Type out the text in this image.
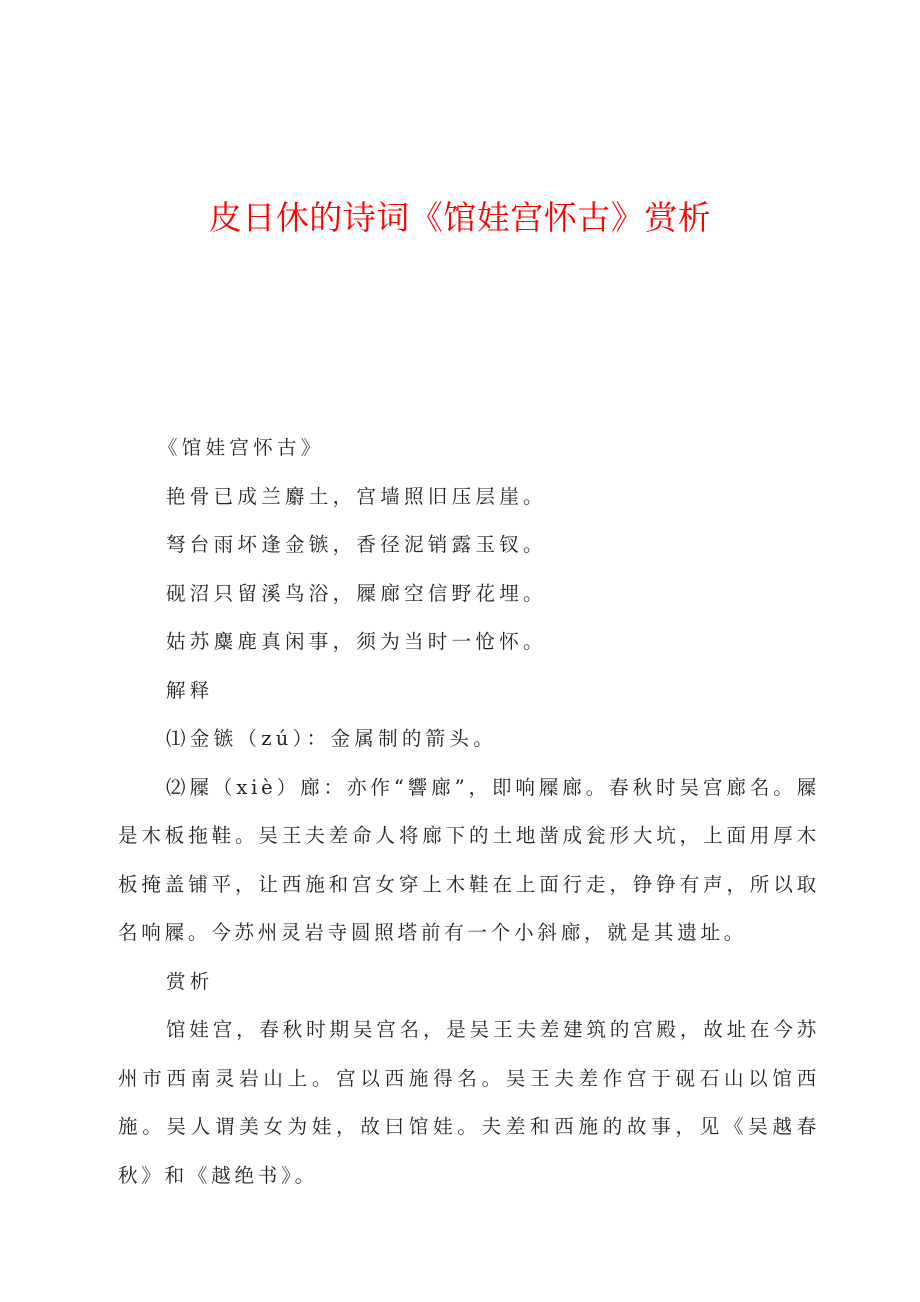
皮日休的诗词《馆娃宫怀古》赏析

《馆娃宫怀古》

艳骨已成兰麝土，宫墙照旧压层崖。

弩台雨坏逢金镞，香径泥销露玉钗。

砚沼只留溪鸟浴，屧廊空信野花埋。

姑苏麋鹿真闲事，须为当时一怆怀。

解释

⑴金镞（zú）：金属制的箭头。

⑵屧（xiè）廊：亦作“響廊”，即响屧廊。春秋时吴宫廊名。屧是木板拖鞋。吴王夫差命人将廊下的土地凿成瓮形大坑，上面用厚木板掩盖铺平，让西施和宫女穿上木鞋在上面行走，铮铮有声，所以取名响屧。今苏州灵岩寺圆照塔前有一个小斜廊，就是其遗址。

赏析

馆娃宫，春秋时期吴宫名，是吴王夫差建筑的宫殿，故址在今苏州市西南灵岩山上。宫以西施得名。吴王夫差作宫于砚石山以馆西施。吴人谓美女为娃，故曰馆娃。夫差和西施的故事，见《吴越春秋》和《越绝书》。
